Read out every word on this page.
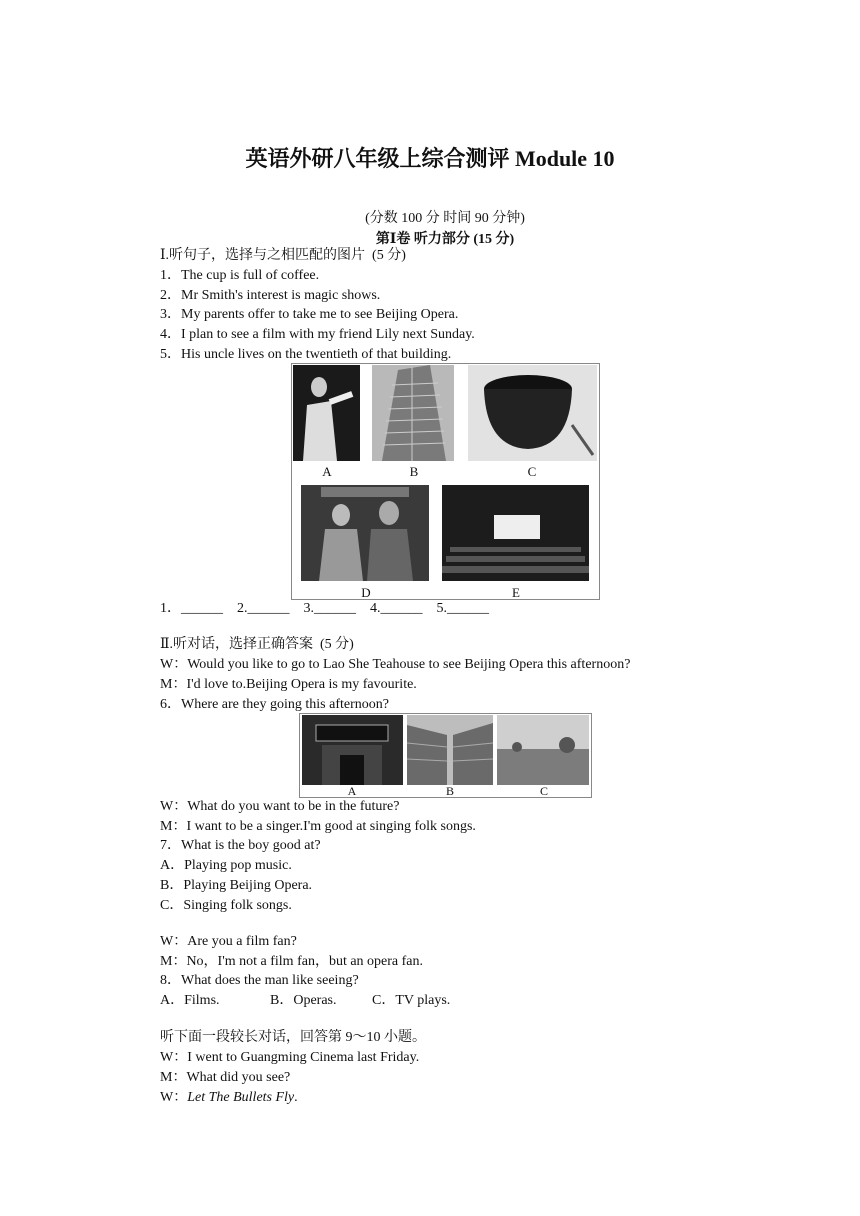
英语外研八年级上综合测评 Module 10
(分数 100 分 时间 90 分钟)
第Ⅰ卷 听力部分 (15 分)
Ⅰ.听句子，选择与之相匹配的图片  (5 分)
1．The cup is full of coffee.
2．Mr Smith's interest is magic shows.
3．My parents offer to take me to see Beijing Opera.
4．I plan to see a film with my friend Lily next Sunday.
5．His uncle lives on the twentieth of that building.
A	B	C
D	E
1．______    2.______    3.______    4.______    5.______
Ⅱ.听对话，选择正确答案  (5 分)
W：Would you like to go to Lao She Teahouse to see Beijing Opera this afternoon?
M：I'd love to.Beijing Opera is my favourite.
6．Where are they going this afternoon?
A	B	C
W：What do you want to be in the future?
M：I want to be a singer.I'm good at singing folk songs.
7．What is the boy good at?
A．Playing pop music.
B．Playing Beijing Opera.
C．Singing folk songs.
W：Are you a film fan?
M：No，I'm not a film fan，but an opera fan.
8．What does the man like seeing?
A．Films.	B．Operas.	C．TV plays.
听下面一段较长对话，回答第 9～10 小题。
W：I went to Guangming Cinema last Friday.
M：What did you see?
W：Let The Bullets Fly.
